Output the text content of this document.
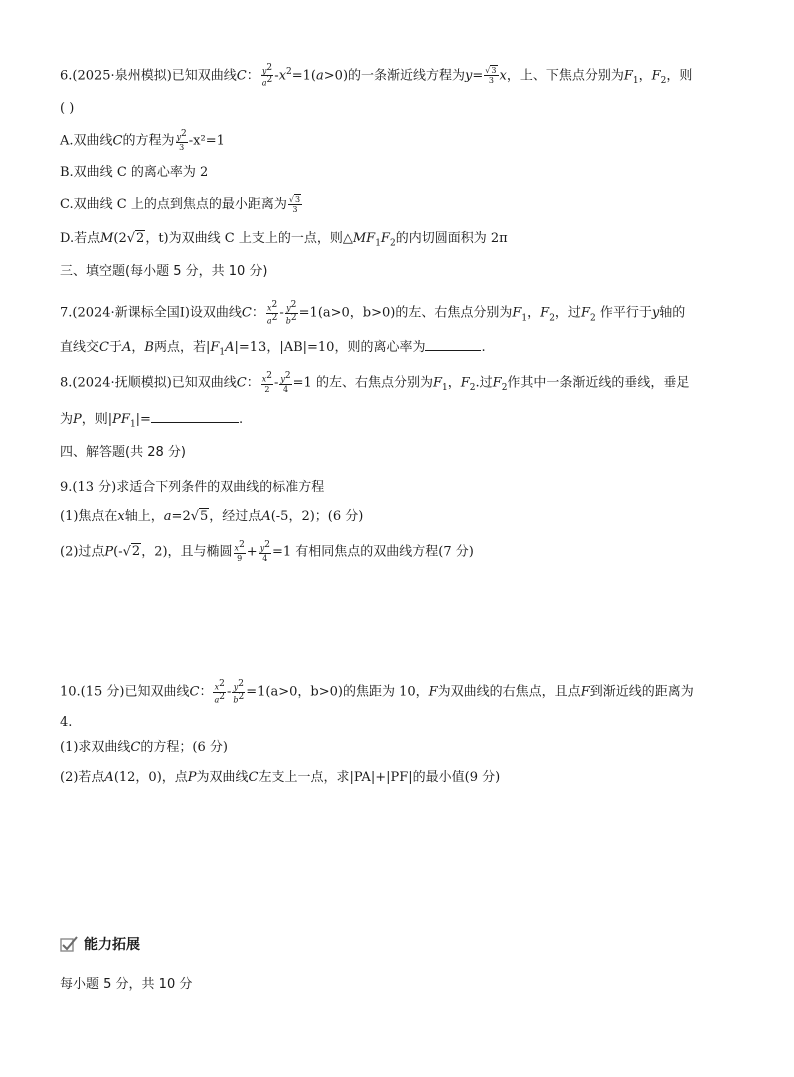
6.(2025·泉州模拟)已知双曲线C： $\frac{y^2}{a^2} -x^2=1(a>0)$的一条渐近线方程为$y= \frac{√3}{3}$ x，上、下焦点分别为$F_1$，$F_2$，则
( )
A.双曲线C的方程为 $\frac{y^2}{3} -x^2=1$
B.双曲线 C 的离心率为 2
C.双曲线 C 上的点到焦点的最小距离为 $\frac{√3}{3}$
D.若点M(2√2，t)为双曲线 C 上支上的一点，则$\triangle MF_1F_2$的内切圆面积为 2π
三、填空题(每小题 5 分，共 10 分)
7.(2024·新课标全国Ⅰ)设双曲线C： $\frac{x^2}{a^2} - \frac{y^2}{b^2} =1(a>0$，b>0)的左、右焦点分别为$F_1$，$F_2$，过$F_2$ 作平行于y轴的
直线交C于A，B两点，若$|F_1A|=13$，|AB|=10，则的离心率为	.
8.(2024·抚顺模拟)已知双曲线C： $\frac{x^2}{2} - \frac{y^2}{4} =1$ 的左、右焦点分别为$F_1$，$F_2$.过$F_2$作其中一条渐近线的垂线，垂足
为P，则$|PF_1|=$	.
四、解答题(共 28 分)
9.(13 分)求适合下列条件的双曲线的标准方程
(1)焦点在x轴上，a=2√5，经过点A(-5，2)；(6 分)
(2)过点P(-√2，2)，且与椭圆 $\frac{x^2}{9} + \frac{y^2}{4} =1$ 有相同焦点的双曲线方程(7 分)
10.(15 分)已知双曲线C： $\frac{x^2}{a^2} - \frac{y^2}{b^2} =1(a>0$，b>0)的焦距为 10，F为双曲线的右焦点，且点F到渐近线的距离为
4.
(1)求双曲线C的方程；(6 分)
(2)若点A(12，0)，点P为双曲线C左支上一点，求|PA|+|PF|的最小值(9 分)
能力拓展
每小题 5 分，共 10 分
